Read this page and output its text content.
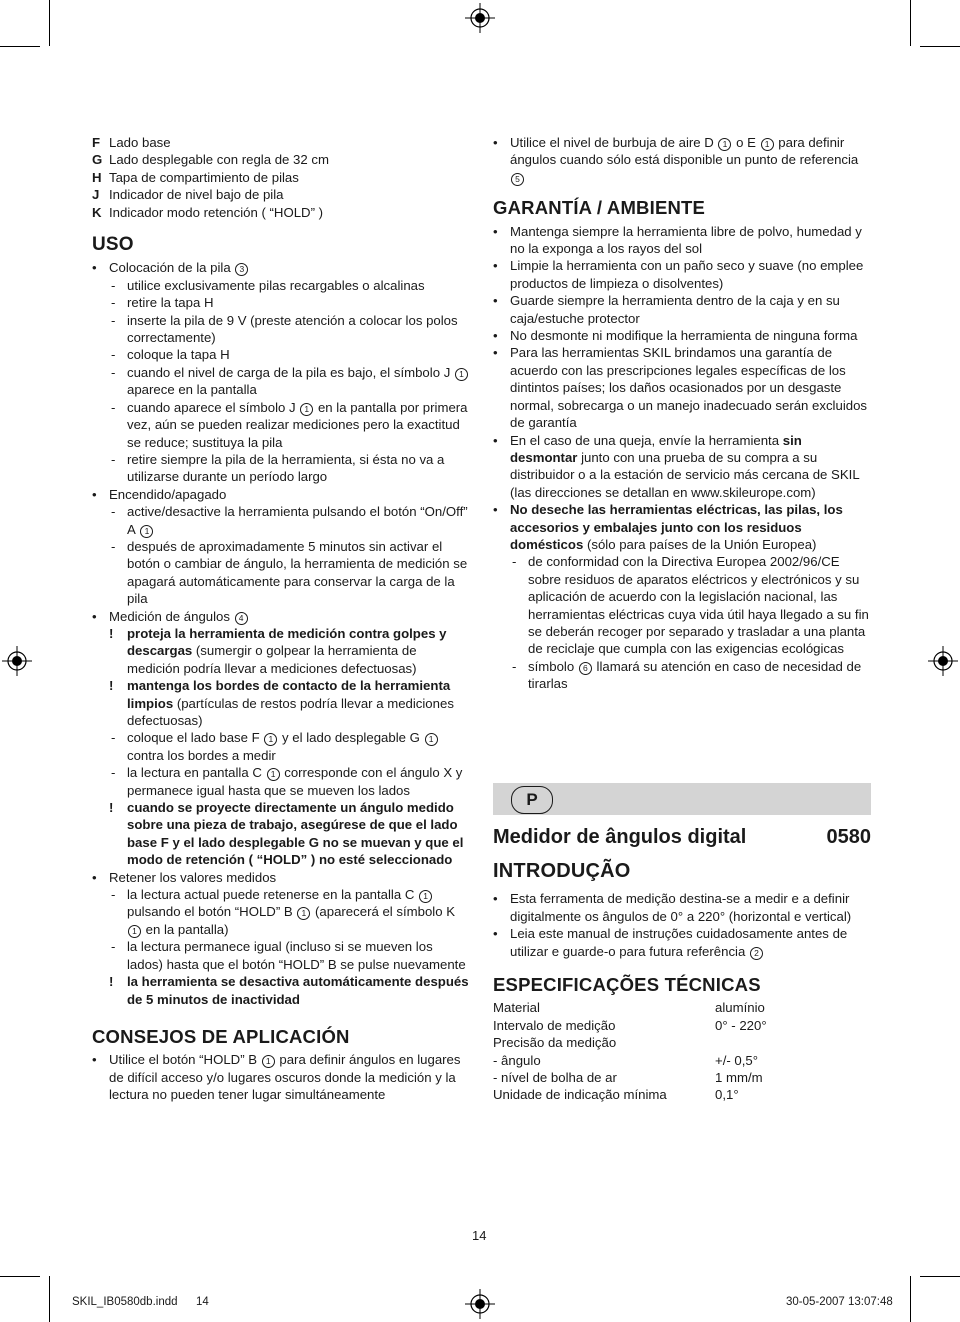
F Lado base
G Lado desplegable con regla de 32 cm
H Tapa de compartimiento de pilas
J Indicador de nivel bajo de pila
K Indicador modo retención ( “HOLD” )
USO
• Colocación de la pila 3
- utilice exclusivamente pilas recargables o alcalinas
- retire la tapa H
- inserte la pila de 9 V (preste atención a colocar los polos correctamente)
- coloque la tapa H
- cuando el nivel de carga de la pila es bajo, el símbolo J 1 aparece en la pantalla
- cuando aparece el símbolo J 1 en la pantalla por primera vez, aún se pueden realizar mediciones pero la exactitud se reduce; sustituya la pila
- retire siempre la pila de la herramienta, si ésta no va a utilizarse durante un período largo
• Encendido/apagado
- active/desactive la herramienta pulsando el botón “On/Off” A 1
- después de aproximadamente 5 minutos sin activar el botón o cambiar de ángulo, la herramienta de medición se apagará automáticamente para conservar la carga de la pila
• Medición de ángulos 4
! proteja la herramienta de medición contra golpes y descargas (sumergir o golpear la herramienta de medición podría llevar a mediciones defectuosas)
! mantenga los bordes de contacto de la herramienta limpios (partículas de restos podría llevar a mediciones defectuosas)
- coloque el lado base F 1 y el lado desplegable G 1 contra los bordes a medir
- la lectura en pantalla C 1 corresponde con el ángulo X y permanece igual hasta que se mueven los lados
! cuando se proyecte directamente un ángulo medido sobre una pieza de trabajo, asegúrese de que el lado base F y el lado desplegable G no se muevan y que el modo de retención ( “HOLD” ) no esté seleccionado
• Retener los valores medidos
- la lectura actual puede retenerse en la pantalla C 1 pulsando el botón “HOLD” B 1 (aparecerá el símbolo K 1 en la pantalla)
- la lectura permanece igual (incluso si se mueven los lados) hasta que el botón “HOLD” B se pulse nuevamente
! la herramienta se desactiva automáticamente después de 5 minutos de inactividad
CONSEJOS DE APLICACIÓN
• Utilice el botón “HOLD” B 1 para definir ángulos en lugares de difícil acceso y/o lugares oscuros donde la medición y la lectura no pueden tener lugar simultáneamente
• Utilice el nivel de burbuja de aire D 1 o E 1 para definir ángulos cuando sólo está disponible un punto de referencia 5
GARANTÍA / AMBIENTE
• Mantenga siempre la herramienta libre de polvo, humedad y no la exponga a los rayos del sol
• Limpie la herramienta con un paño seco y suave (no emplee productos de limpieza o disolventes)
• Guarde siempre la herramienta dentro de la caja y en su caja/estuche protector
• No desmonte ni modifique la herramienta de ninguna forma
• Para las herramientas SKIL brindamos una garantía de acuerdo con las prescripciones legales específicas de los dintintos países; los daños ocasionados por un desgaste normal, sobrecarga o un manejo inadecuado serán excluidos de garantía
• En el caso de una queja, envíe la herramienta sin desmontar junto con una prueba de su compra a su distribuidor o a la estación de servicio más cercana de SKIL (las direcciones se detallan en www.skileurope.com)
• No deseche las herramientas eléctricas, las pilas, los accesorios y embalajes junto con los residuos domésticos (sólo para países de la Unión Europea)
- de conformidad con la Directiva Europea 2002/96/CE sobre residuos de aparatos eléctricos y electrónicos y su aplicación de acuerdo con la legislación nacional, las herramientas eléctricas cuya vida útil haya llegado a su fin se deberán recoger por separado y trasladar a una planta de reciclaje que cumpla con las exigencias ecológicas
- símbolo 6 llamará su atención en caso de necesidad de tirarlas
P
Medidor de ângulos digital	0580
INTRODUÇÃO
• Esta ferramenta de medição destina-se a medir e a definir digitalmente os ângulos de 0° a 220° (horizontal e vertical)
• Leia este manual de instruções cuidadosamente antes de utilizar e guarde-o para futura referência 2
ESPECIFICAÇÕES TÉCNICAS
Material	alumínio
Intervalo de medição	0° - 220°
Precisão da medição	
- ângulo	+/- 0,5°
- nível de bolha de ar	1 mm/m
Unidade de indicação mínima	0,1°
14
SKIL_IB0580db.indd 14	30-05-2007 13:07:48
